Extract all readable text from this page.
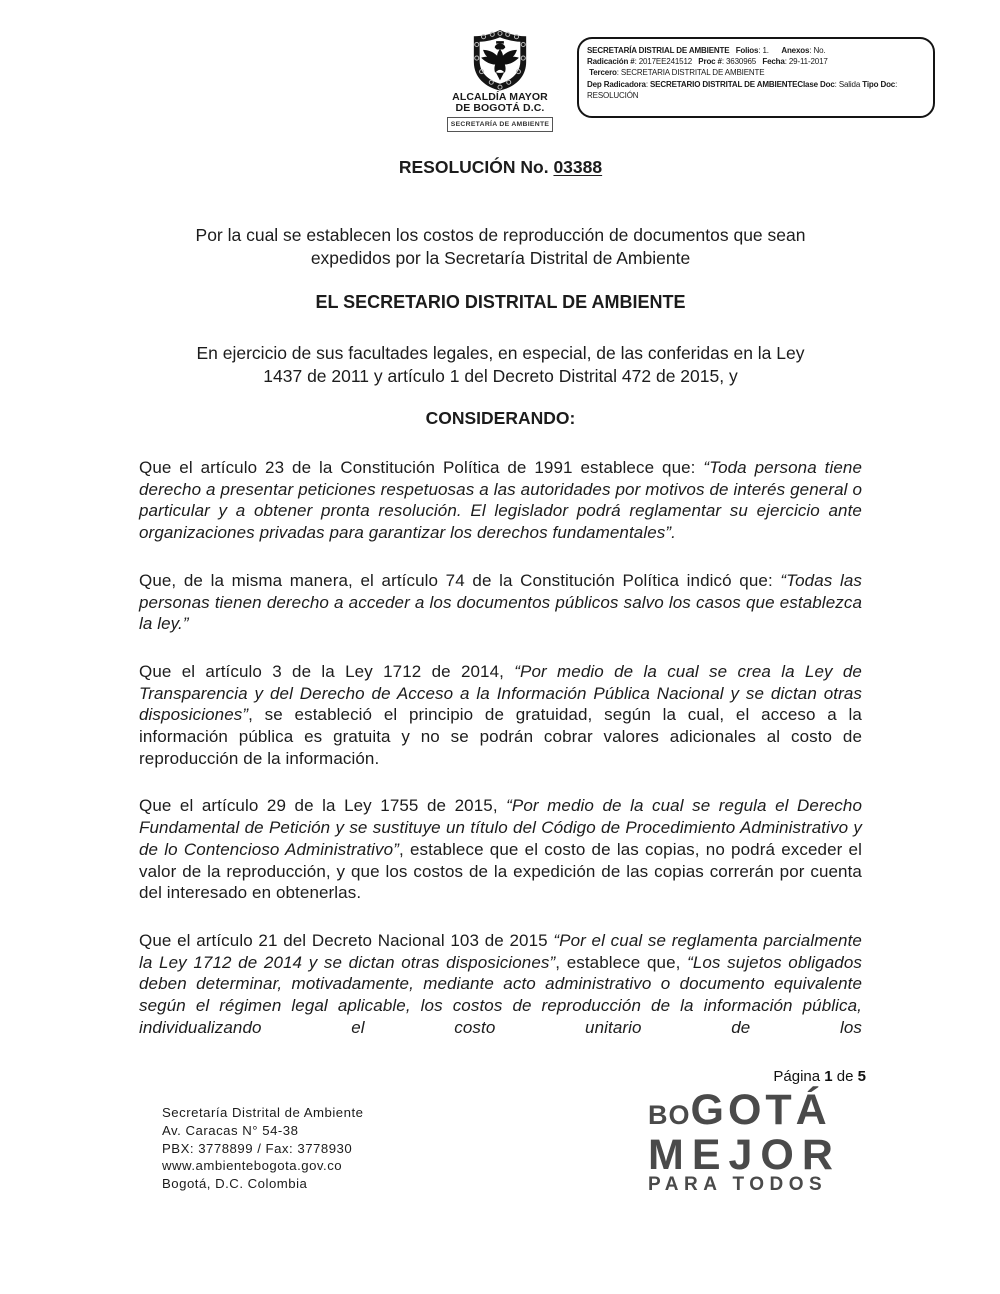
ALCALDÍA MAYOR
DE BOGOTÁ D.C.
SECRETARÍA DE AMBIENTE
SECRETARÍA DISTRIAL DE AMBIENTE Folios: 1.      Anexos: No.
Radicación #: 2017EE241512   Proc #: 3630965   Fecha: 29-11-2017
Tercero: SECRETARIA DISTRITAL DE AMBIENTE
Dep Radicadora: SECRETARIO DISTRITAL DE AMBIENTEClase Doc: Salida Tipo Doc:
RESOLUCIÓN
RESOLUCIÓN No. 03388
Por la cual se establecen los costos de reproducción de documentos que sean
expedidos por la Secretaría Distrital de Ambiente
EL SECRETARIO DISTRITAL DE AMBIENTE
En ejercicio de sus facultades legales, en especial, de las conferidas en la Ley
1437 de 2011 y artículo 1 del Decreto Distrital 472 de 2015, y
CONSIDERANDO:

Que el artículo 23 de la Constitución Política de 1991 establece que: “Toda persona tiene derecho a presentar peticiones respetuosas a las autoridades por motivos de interés general o particular y a obtener pronta resolución. El legislador podrá reglamentar su ejercicio ante organizaciones privadas para garantizar los derechos fundamentales”.

Que, de la misma manera, el artículo 74 de la Constitución Política indicó que: “Todas las personas tienen derecho a acceder a los documentos públicos salvo los casos que establezca la ley.”

Que el artículo 3 de la Ley 1712 de 2014, “Por medio de la cual se crea la Ley de Transparencia y del Derecho de Acceso a la Información Pública Nacional y se dictan otras disposiciones”, se estableció el principio de gratuidad, según la cual, el acceso a la información pública es gratuita y no se podrán cobrar valores adicionales al costo de reproducción de la información.

Que el artículo 29 de la Ley 1755 de 2015, “Por medio de la cual se regula el Derecho Fundamental de Petición y se sustituye un título del Código de Procedimiento Administrativo y de lo Contencioso Administrativo”, establece que el costo de las copias, no podrá exceder el valor de la reproducción, y que los costos de la expedición de las copias correrán por cuenta del interesado en obtenerlas.

Que el artículo 21 del Decreto Nacional 103 de 2015 “Por el cual se reglamenta parcialmente la Ley 1712 de 2014 y se dictan otras disposiciones”, establece que, “Los sujetos obligados deben determinar, motivadamente, mediante acto administrativo o documento equivalente según el régimen legal aplicable, los costos de reproducción de la información pública, individualizando el costo unitario de los

Página 1 de 5
Secretaría Distrital de Ambiente
Av. Caracas N° 54-38
PBX: 3778899 / Fax: 3778930
www.ambientebogota.gov.co
Bogotá, D.C. Colombia
BOGOTÁ
MEJOR
PARA TODOS
